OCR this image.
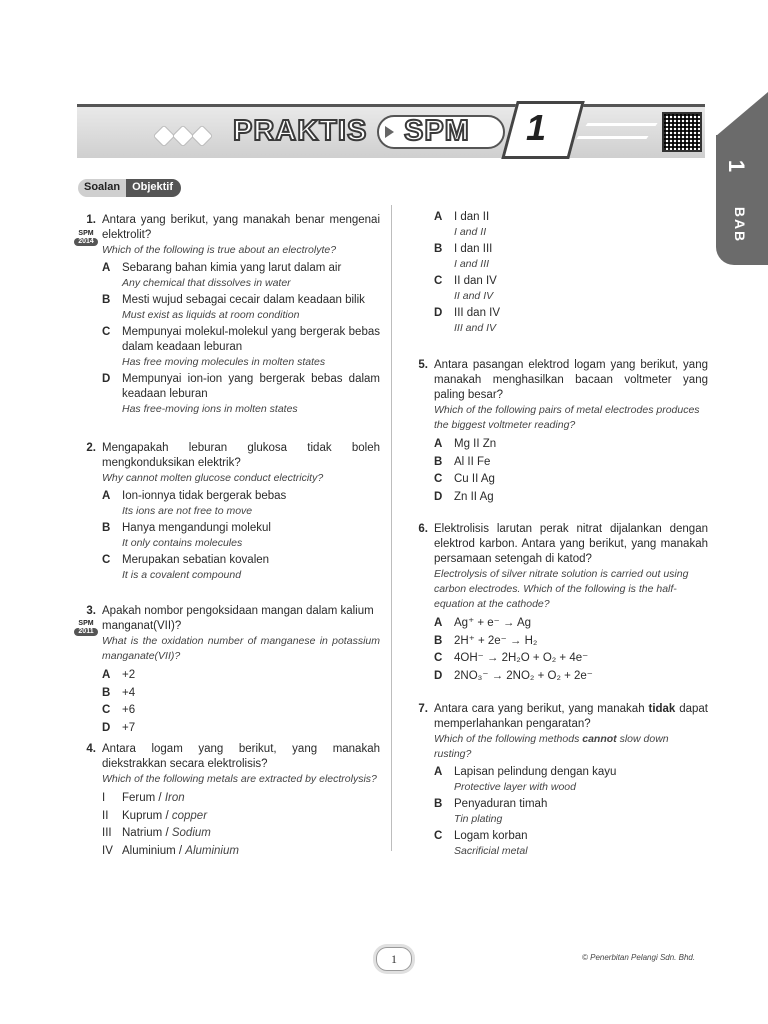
PRAKTIS SPM 1
1
BAB
Soalan	Objektif
SPM
2014
1. Antara yang berikut, yang manakah benar mengenai elektrolit?
Which of the following is true about an electrolyte?
A	Sebarang bahan kimia yang larut dalam air
Any chemical that dissolves in water
B	Mesti wujud sebagai cecair dalam keadaan bilik
Must exist as liquids at room condition
C	Mempunyai molekul-molekul yang bergerak bebas dalam keadaan leburan
Has free moving molecules in molten states
D	Mempunyai ion-ion yang bergerak bebas dalam keadaan leburan
Has free-moving ions in molten states
2. Mengapakah leburan glukosa tidak boleh mengkonduksikan elektrik?
Why cannot molten glucose conduct electricity?
A	Ion-ionnya tidak bergerak bebas
Its ions are not free to move
B	Hanya mengandungi molekul
It only contains molecules
C	Merupakan sebatian kovalen
It is a covalent compound
SPM
2011
3. Apakah nombor pengoksidaan mangan dalam kalium manganat(VII)?
What is the oxidation number of manganese in potassium manganate(VII)?
A	+2
B	+4
C	+6
D	+7
4. Antara logam yang berikut, yang manakah diekstrakkan secara elektrolisis?
Which of the following metals are extracted by electrolysis?
I	Ferum / Iron
II	Kuprum / copper
III Natrium / Sodium
IV Aluminium / Aluminium
A	I dan II
I and II
B	I dan III
I and III
C	II dan IV
II and IV
D	III dan IV
III and IV
5. Antara pasangan elektrod logam yang berikut, yang manakah menghasilkan bacaan voltmeter yang paling besar?
Which of the following pairs of metal electrodes produces the biggest voltmeter reading?
A	Mg II Zn
B	Al II Fe
C	Cu II Ag
D	Zn II Ag
6. Elektrolisis larutan perak nitrat dijalankan dengan elektrod karbon. Antara yang berikut, yang manakah persamaan setengah di katod?
Electrolysis of silver nitrate solution is carried out using carbon electrodes. Which of the following is the half-equation at the cathode?
A	Ag⁺ + e⁻ → Ag
B	2H⁺ + 2e⁻ → H₂
C	4OH⁻ → 2H₂O + O₂ + 4e⁻
D	2NO₃⁻ → 2NO₂ + O₂ + 2e⁻
7. Antara cara yang berikut, yang manakah tidak dapat memperlahankan pengaratan?
Which of the following methods cannot slow down rusting?
A	Lapisan pelindung dengan kayu
Protective layer with wood
B	Penyaduran timah
Tin plating
C	Logam korban
Sacrificial metal
1	© Penerbitan Pelangi Sdn. Bhd.
